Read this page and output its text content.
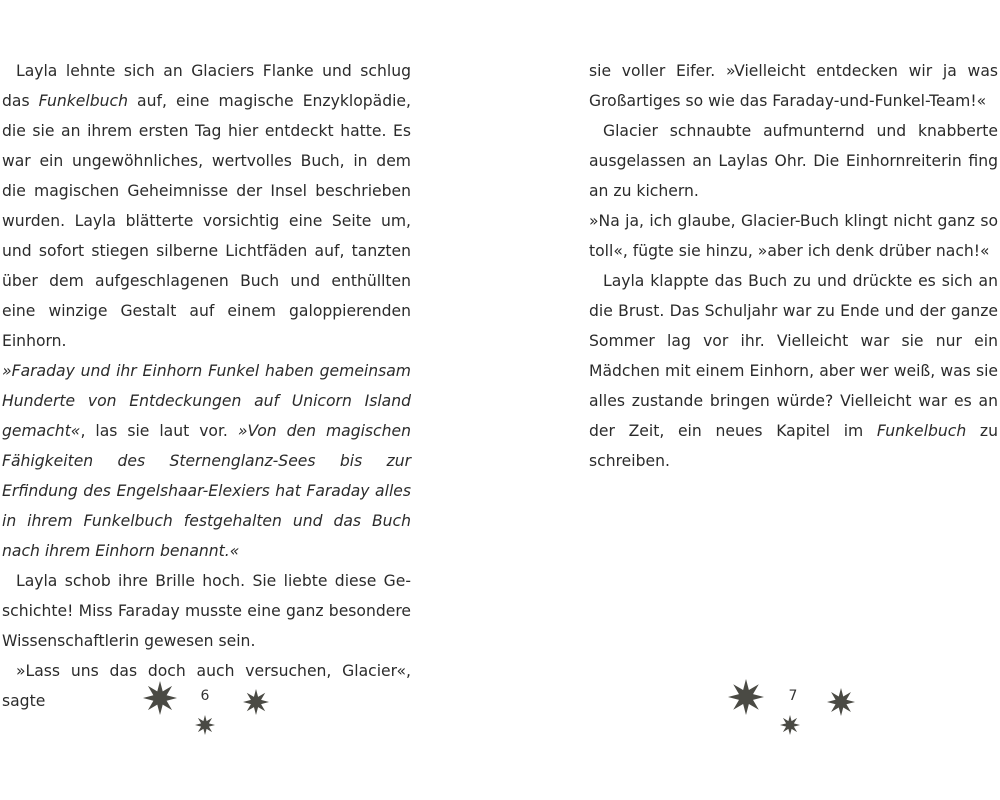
Layla lehnte sich an Glaciers Flanke und schlug das Funkelbuch auf, eine magische Enzyklopädie, die sie an ihrem ersten Tag hier entdeckt hatte. Es war ein ungewöhnliches, wertvolles Buch, in dem die magischen Geheimnisse der Insel beschrieben wurden. Layla blätterte vorsichtig eine Seite um, und sofort stiegen silberne Lichtfäden auf, tanzten über dem aufgeschlagenen Buch und enthüllten eine winzige Gestalt auf einem galoppierenden Einhorn.

»Faraday und ihr Einhorn Funkel haben gemeinsam Hunderte von Entdeckungen auf Unicorn Island gemacht«, las sie laut vor. »Von den magischen Fähigkeiten des Sternenglanz-Sees bis zur Erfindung des Engelshaar-Elexiers hat Faraday alles in ihrem Funkelbuch festgehalten und das Buch nach ihrem Einhorn benannt.«

Layla schob ihre Brille hoch. Sie liebte diese Geschichte! Miss Faraday musste eine ganz besondere Wissenschaftlerin gewesen sein.

»Lass uns das doch auch versuchen, Glacier«, sagte

sie voller Eifer. »Vielleicht entdecken wir ja was Großartiges so wie das Faraday-und-Funkel-Team!«

Glacier schnaubte aufmunternd und knabberte ausgelassen an Laylas Ohr. Die Einhornreiterin fing an zu kichern.

»Na ja, ich glaube, Glacier-Buch klingt nicht ganz so toll«, fügte sie hinzu, »aber ich denk drüber nach!«

Layla klappte das Buch zu und drückte es sich an die Brust. Das Schuljahr war zu Ende und der ganze Sommer lag vor ihr. Vielleicht war sie nur ein Mädchen mit einem Einhorn, aber wer weiß, was sie alles zustande bringen würde? Vielleicht war es an der Zeit, ein neues Kapitel im Funkelbuch zu schreiben.

6	7
